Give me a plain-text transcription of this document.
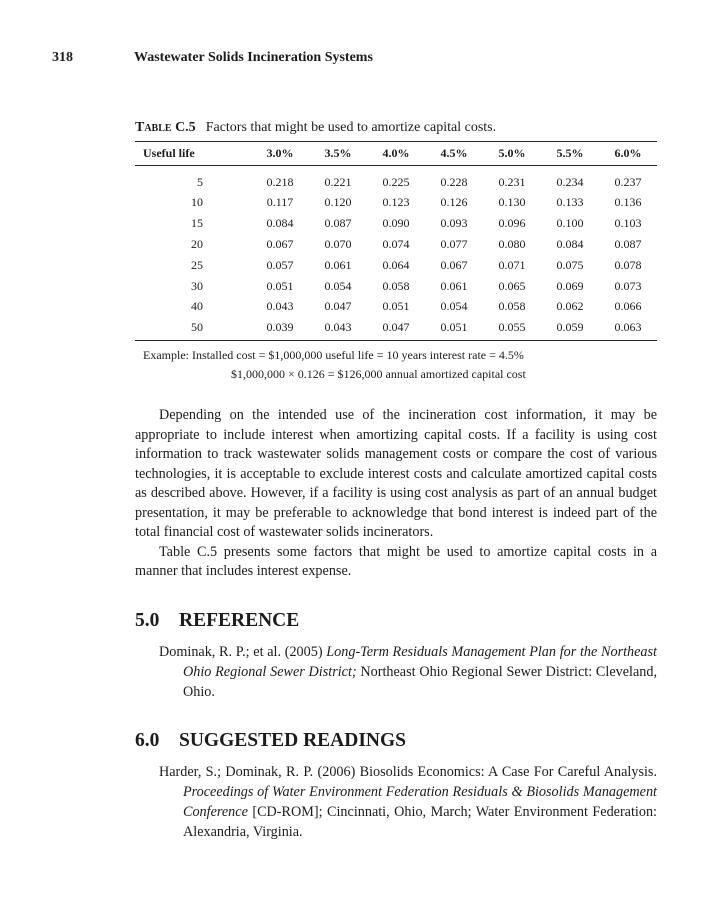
318	Wastewater Solids Incineration Systems
Table C.5 Factors that might be used to amortize capital costs.
Useful life	3.0%	3.5%	4.0%	4.5%	5.0%	5.5%	6.0%
5	0.218	0.221	0.225	0.228	0.231	0.234	0.237
10	0.117	0.120	0.123	0.126	0.130	0.133	0.136
15	0.084	0.087	0.090	0.093	0.096	0.100	0.103
20	0.067	0.070	0.074	0.077	0.080	0.084	0.087
25	0.057	0.061	0.064	0.067	0.071	0.075	0.078
30	0.051	0.054	0.058	0.061	0.065	0.069	0.073
40	0.043	0.047	0.051	0.054	0.058	0.062	0.066
50	0.039	0.043	0.047	0.051	0.055	0.059	0.063
Example: Installed cost = $1,000,000 useful life = 10 years interest rate = 4.5%
$1,000,000 × 0.126 = $126,000 annual amortized capital cost

Depending on the intended use of the incineration cost information, it may be appropriate to include interest when amortizing capital costs. If a facility is using cost information to track wastewater solids management costs or compare the cost of various technologies, it is acceptable to exclude interest costs and calculate amortized capital costs as described above. However, if a facility is using cost analysis as part of an annual budget presentation, it may be preferable to acknowledge that bond interest is indeed part of the total financial cost of wastewater solids incinerators.

Table C.5 presents some factors that might be used to amortize capital costs in a manner that includes interest expense.

5.0 REFERENCE

Dominak, R. P.; et al. (2005) Long-Term Residuals Management Plan for the Northeast Ohio Regional Sewer District; Northeast Ohio Regional Sewer District: Cleveland, Ohio.

6.0 SUGGESTED READINGS

Harder, S.; Dominak, R. P. (2006) Biosolids Economics: A Case For Careful Analysis. Proceedings of Water Environment Federation Residuals & Biosolids Management Conference [CD-ROM]; Cincinnati, Ohio, March; Water Environment Federation: Alexandria, Virginia.
